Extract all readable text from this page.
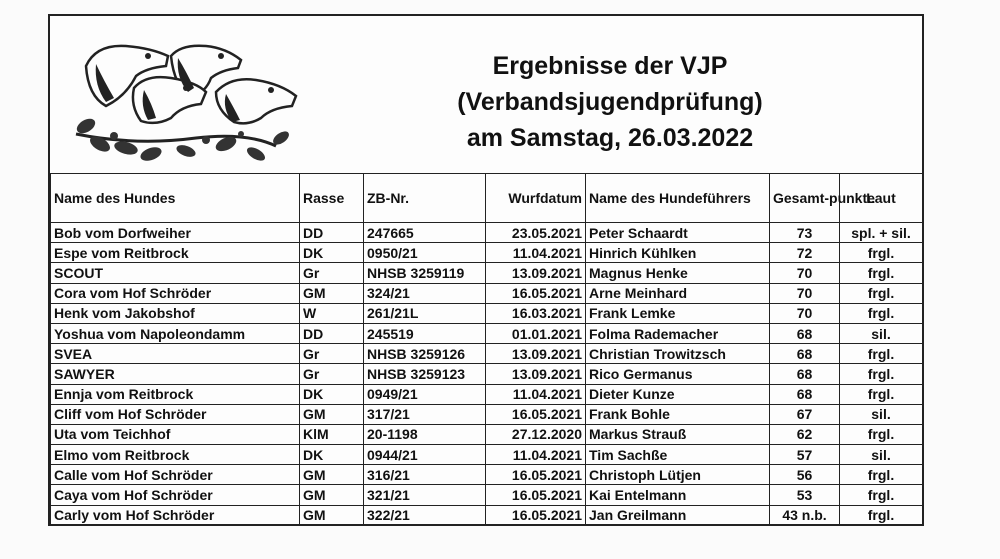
Ergebnisse der VJP
(Verbandsjugendprüfung)
am Samstag, 26.03.2022
Name des Hundes	Rasse	ZB-Nr.	Wurfdatum	Name des Hundeführers	Gesamt-punkte	Laut
Bob vom Dorfweiher	DD	247665	23.05.2021	Peter Schaardt	73	spl. + sil.
Espe vom Reitbrock	DK	0950/21	11.04.2021	Hinrich Kühlken	72	frgl.
SCOUT	Gr	NHSB 3259119	13.09.2021	Magnus Henke	70	frgl.
Cora vom Hof Schröder	GM	324/21	16.05.2021	Arne Meinhard	70	frgl.
Henk vom Jakobshof	W	261/21L	16.03.2021	Frank Lemke	70	frgl.
Yoshua vom Napoleondamm	DD	245519	01.01.2021	Folma Rademacher	68	sil.
SVEA	Gr	NHSB 3259126	13.09.2021	Christian Trowitzsch	68	frgl.
SAWYER	Gr	NHSB 3259123	13.09.2021	Rico Germanus	68	frgl.
Ennja vom Reitbrock	DK	0949/21	11.04.2021	Dieter Kunze	68	frgl.
Cliff vom Hof Schröder	GM	317/21	16.05.2021	Frank Bohle	67	sil.
Uta vom Teichhof	KlM	20-1198	27.12.2020	Markus Strauß	62	frgl.
Elmo vom Reitbrock	DK	0944/21	11.04.2021	Tim Sachße	57	sil.
Calle vom Hof Schröder	GM	316/21	16.05.2021	Christoph Lütjen	56	frgl.
Caya vom Hof Schröder	GM	321/21	16.05.2021	Kai Entelmann	53	frgl.
Carly vom Hof Schröder	GM	322/21	16.05.2021	Jan Greilmann	43 n.b.	frgl.
